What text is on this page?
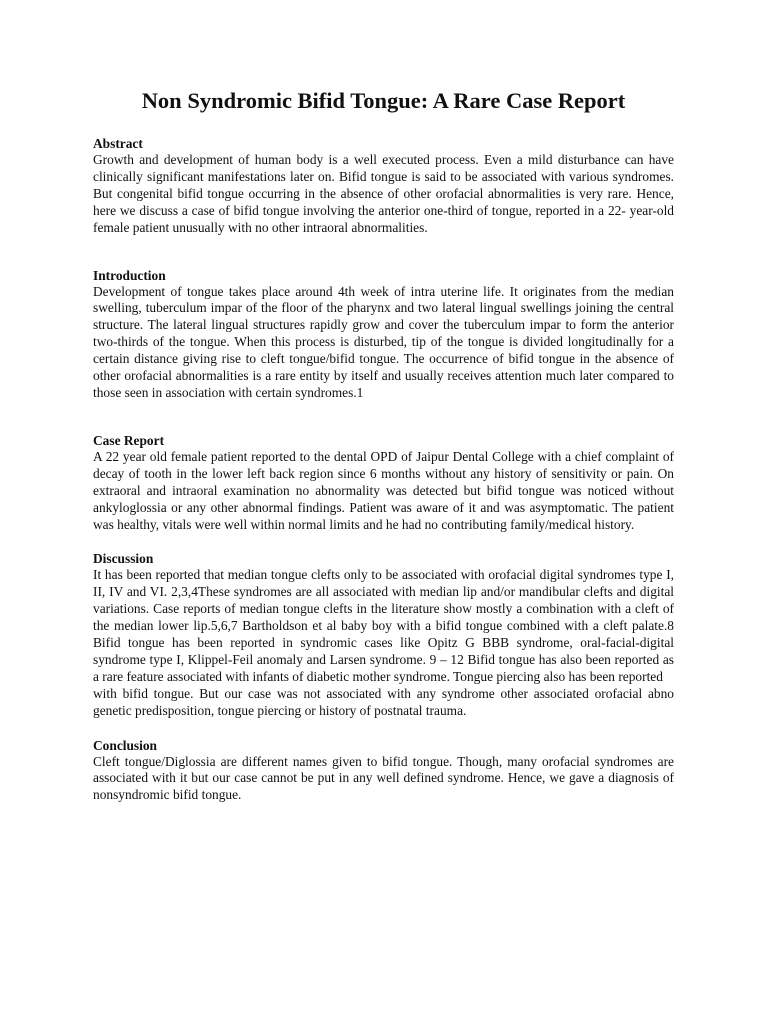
Non Syndromic Bifid Tongue: A Rare Case Report
Abstract

Growth and development of human body is a well executed process. Even a mild disturbance can have clinically significant manifestations later on. Bifid tongue is said to be associated with various syndromes. But congenital bifid tongue occurring in the absence of other orofacial abnormalities is very rare. Hence, here we discuss a case of bifid tongue involving the anterior one-third of tongue, reported in a 22- year-old female patient unusually with no other intraoral abnormalities.

Introduction

Development of tongue takes place around 4th week of intra uterine life. It originates from the median swelling, tuberculum impar of the floor of the pharynx and two lateral lingual swellings joining the central structure. The lateral lingual structures rapidly grow and cover the tuberculum impar to form the anterior two-thirds of the tongue. When this process is disturbed, tip of the tongue is divided longitudinally for a certain distance giving rise to cleft tongue/bifid tongue. The occurrence of bifid tongue in the absence of other orofacial abnormalities is a rare entity by itself and usually receives attention much later compared to those seen in association with certain syndromes.1

Case Report

A 22 year old female patient reported to the dental OPD of Jaipur Dental College with a chief complaint of decay of tooth in the lower left back region since 6 months without any history of sensitivity or pain. On extraoral and intraoral examination no abnormality was detected but bifid tongue was noticed without ankyloglossia or any other abnormal findings. Patient was aware of it and was asymptomatic. The patient was healthy, vitals were well within normal limits and he had no contributing family/medical history.

Discussion

It has been reported that median tongue clefts only to be associated with orofacial digital syndromes type I, II, IV and VI. 2,3,4These syndromes are all associated with median lip and/or mandibular clefts and digital variations. Case reports of median tongue clefts in the literature show mostly a combination with a cleft of the median lower lip.5,6,7 Bartholdson et al baby boy with a bifid tongue combined with a cleft palate.8 Bifid tongue has been reported in syndromic cases like Opitz G BBB syndrome, oral-facial-digital syndrome type I, Klippel-Feil anomaly and Larsen syndrome. 9 – 12 Bifid tongue has also been reported as a rare feature associated with infants of diabetic mother syndrome. Tongue piercing also has been reported

with bifid tongue. But our case was not associated with any syndrome other associated orofacial abno genetic predisposition, tongue piercing or history of postnatal trauma.

Conclusion

Cleft tongue/Diglossia are different names given to bifid tongue. Though, many orofacial syndromes are associated with it but our case cannot be put in any well defined syndrome. Hence, we gave a diagnosis of nonsyndromic bifid tongue.
